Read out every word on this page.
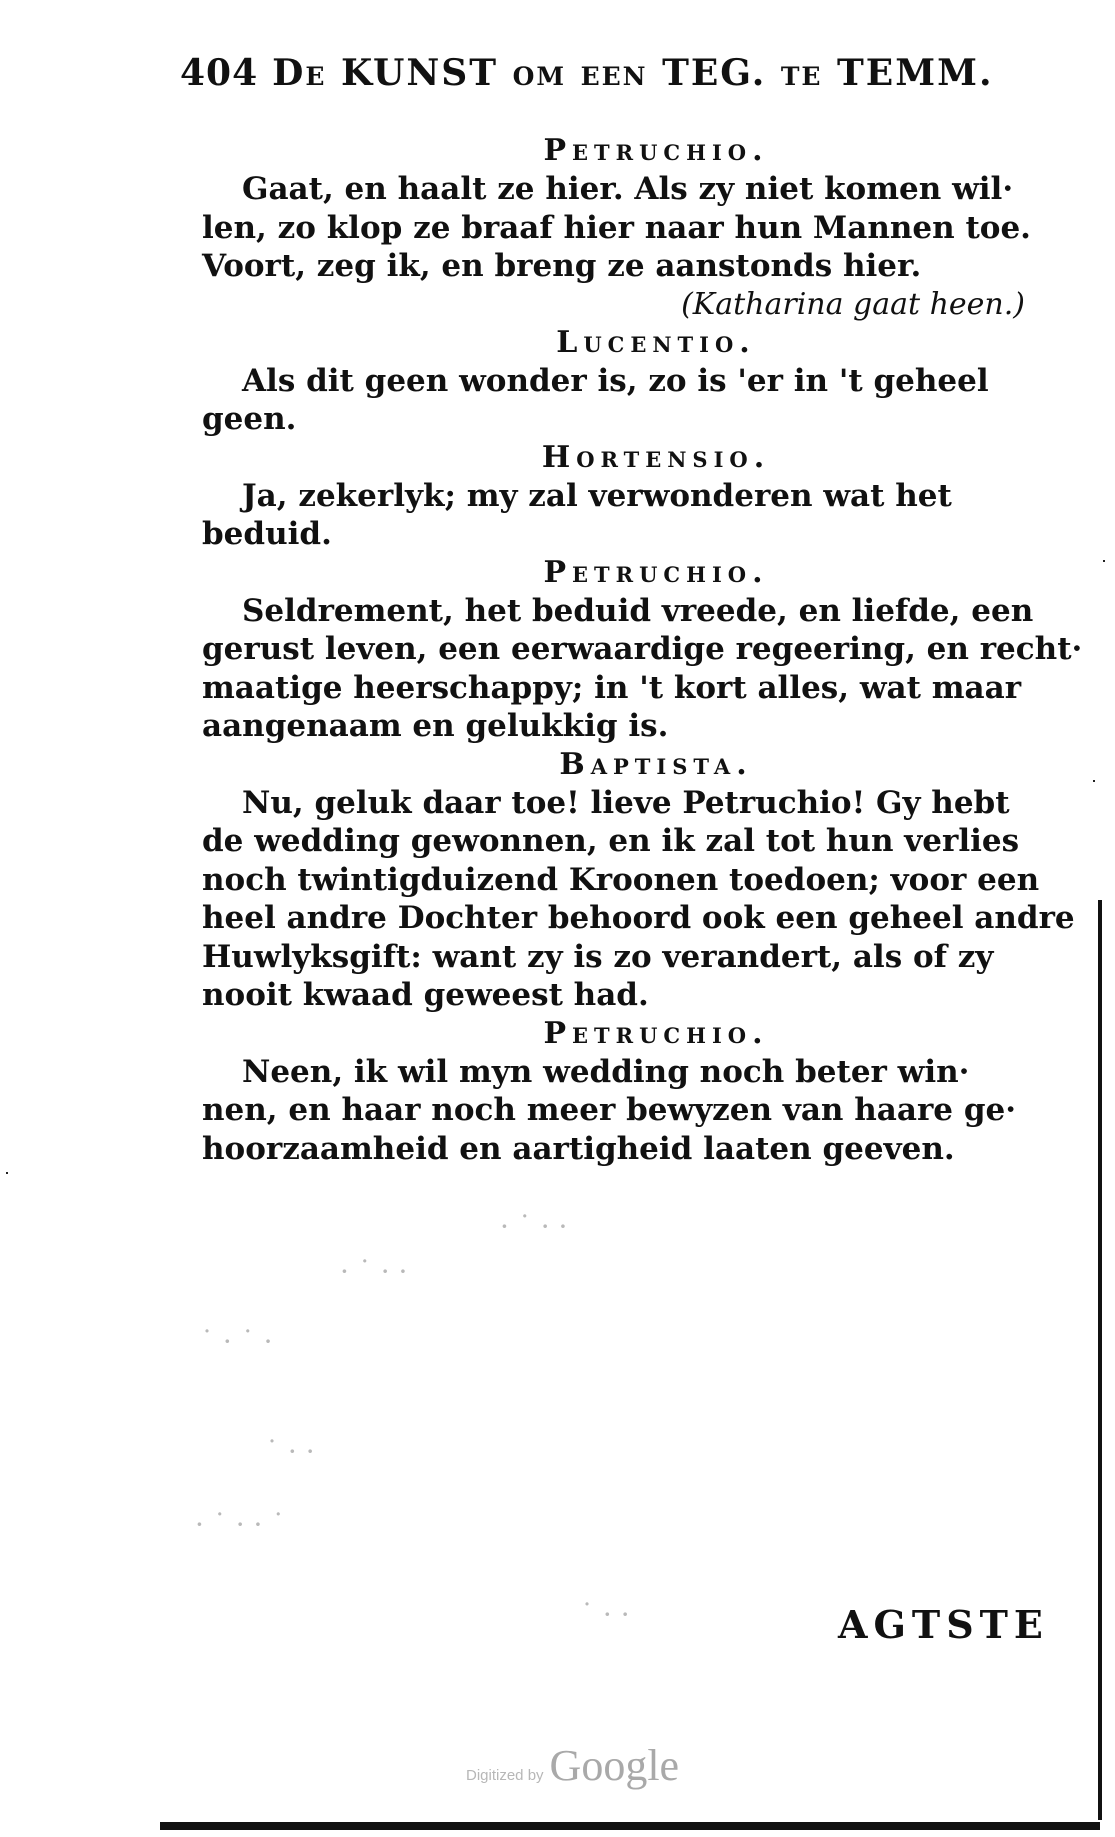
404 De KUNST om een TEG. te TEMM.
Petruchio.
Gaat, en haalt ze hier. Als zy niet komen wil·
len, zo klop ze braaf hier naar hun Mannen toe.
Voort, zeg ik, en breng ze aanstonds hier.
(Katharina gaat heen.)
Lucentio.
Als dit geen wonder is, zo is 'er in 't geheel
geen.
Hortensio.
Ja, zekerlyk; my zal verwonderen wat het
beduid.
Petruchio.
Seldrement, het beduid vreede, en liefde, een
gerust leven, een eerwaardige regeering, en recht·
maatige heerschappy; in 't kort alles, wat maar
aangenaam en gelukkig is.
Baptista.
Nu, geluk daar toe! lieve Petruchio! Gy hebt
de wedding gewonnen, en ik zal tot hun verlies
noch twintigduizend Kroonen toedoen; voor een
heel andre Dochter behoord ook een geheel andre
Huwlyksgift: want zy is zo verandert, als of zy
nooit kwaad geweest had.
Petruchio.
Neen, ik wil myn wedding noch beter win·
nen, en haar noch meer bewyzen van haare ge·
hoorzaamheid en aartigheid laaten geeven.
· ˙ · ·
· ˙ · ·
˙ · ˙ ·
˙ · ·
· ˙ · · ˙
˙ · ·	AGTSTE
Digitized by Google
